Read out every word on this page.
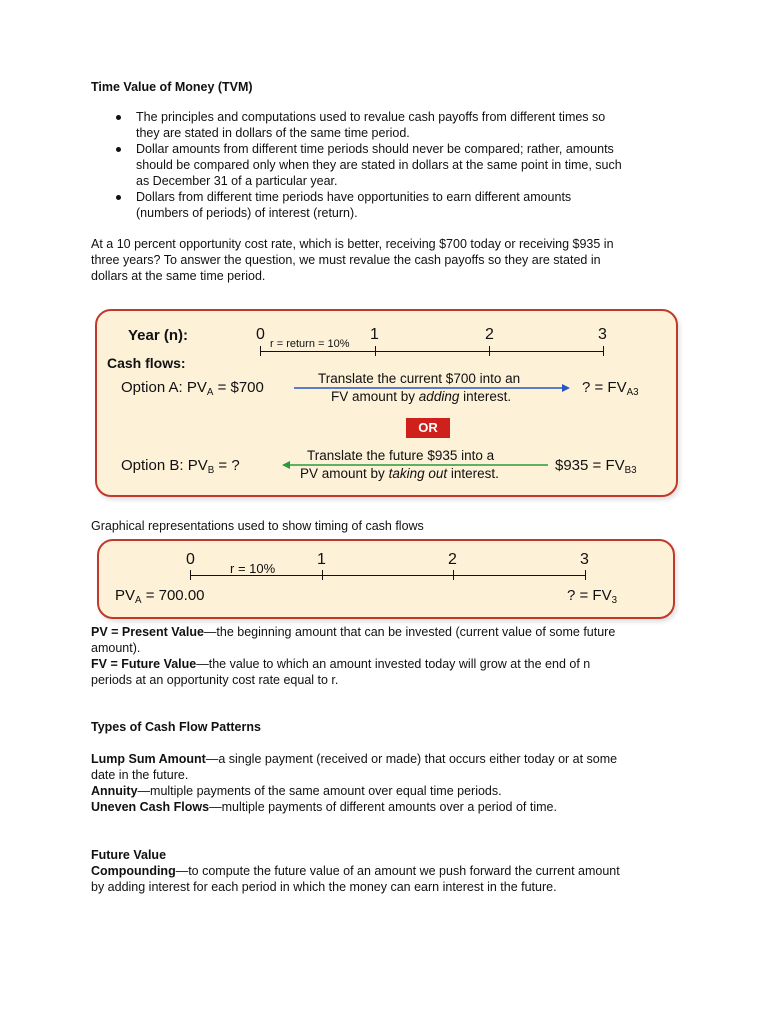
Time Value of Money (TVM)
The principles and computations used to revalue cash payoffs from different times so
they are stated in dollars of the same time period.
Dollar amounts from different time periods should never be compared; rather, amounts
should be compared only when they are stated in dollars at the same point in time, such
as December 31 of a particular year.
Dollars from different time periods have opportunities to earn different amounts
(numbers of periods) of interest (return).
At a 10 percent opportunity cost rate, which is better, receiving $700 today or receiving $935 in
three years? To answer the question, we must revalue the cash payoffs so they are stated in
dollars at the same time period.
Year (n):
Cash flows:
0	1	2	3
r = return = 10%
Option A: $PV_A$ = $700
Translate the current $700 into an
FV amount by adding interest.
? = $FV_{A3}$
OR
Option B: $PV_B$ = ?
Translate the future $935 into a
PV amount by taking out interest.	$935 = $FV_{B3}$
Graphical representations used to show timing of cash flows
0	1	2	3
r = 10%
$PV_A = 700.00$	? = $FV_3$
PV = Present Value—the beginning amount that can be invested (current value of some future
amount).
FV = Future Value—the value to which an amount invested today will grow at the end of n
periods at an opportunity cost rate equal to r.
Types of Cash Flow Patterns
Lump Sum Amount—a single payment (received or made) that occurs either today or at some
date in the future.
Annuity—multiple payments of the same amount over equal time periods.
Uneven Cash Flows—multiple payments of different amounts over a period of time.
Future Value
Compounding—to compute the future value of an amount we push forward the current amount
by adding interest for each period in which the money can earn interest in the future.
